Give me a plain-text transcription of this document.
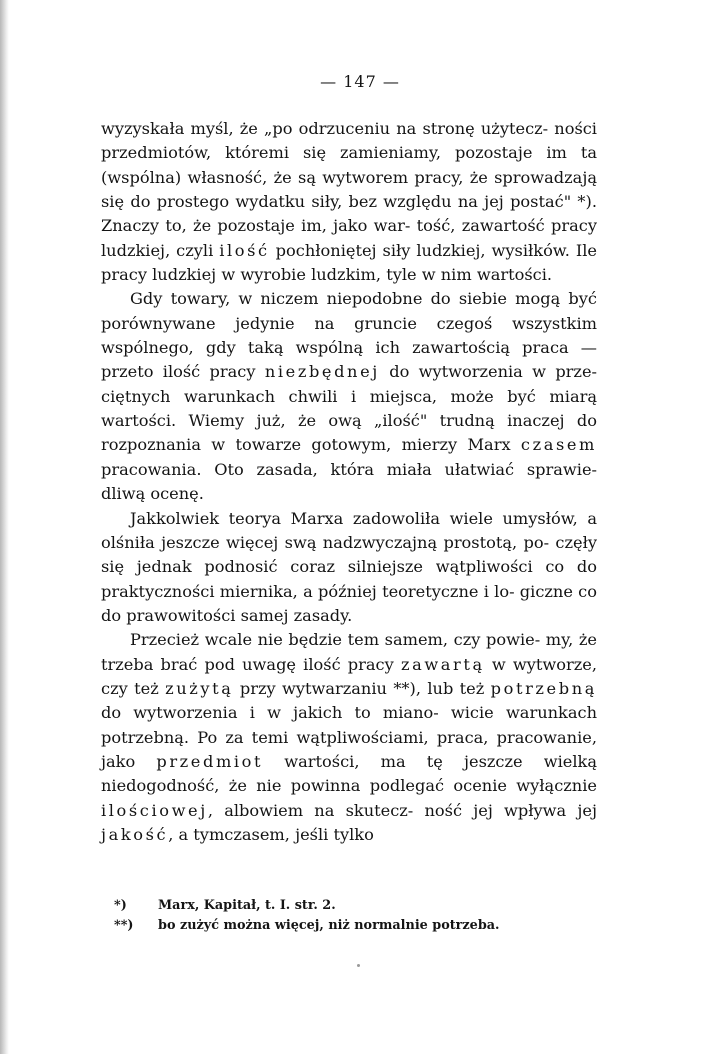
— 147 —

wyzyskała myśl, że „po odrzuceniu na stronę użytecz- ności przedmiotów, któremi się zamieniamy, pozostaje im ta (wspólna) własność, że są wytworem pracy, że sprowadzają się do prostego wydatku siły, bez względu na jej postać" *). Znaczy to, że pozostaje im, jako war- tość, zawartość pracy ludzkiej, czyli ilość pochłoniętej siły ludzkiej, wysiłków. Ile pracy ludzkiej w wyrobie ludzkim, tyle w nim wartości.

Gdy towary, w niczem niepodobne do siebie mogą być porównywane jedynie na gruncie czegoś wszystkim wspólnego, gdy taką wspólną ich zawartością praca — przeto ilość pracy niezbędnej do wytworzenia w prze- ciętnych warunkach chwili i miejsca, może być miarą wartości. Wiemy już, że ową „ilość" trudną inaczej do rozpoznania w towarze gotowym, mierzy Marx czasem pracowania. Oto zasada, która miała ułatwiać sprawie- dliwą ocenę.

Jakkolwiek teorya Marxa zadowoliła wiele umysłów, a olśniła jeszcze więcej swą nadzwyczajną prostotą, po- częły się jednak podnosić coraz silniejsze wątpliwości co do praktyczności miernika, a później teoretyczne i lo- giczne co do prawowitości samej zasady.

Przecież wcale nie będzie tem samem, czy powie- my, że trzeba brać pod uwagę ilość pracy zawartą w wytworze, czy też zużytą przy wytwarzaniu **), lub też potrzebną do wytworzenia i w jakich to miano- wicie warunkach potrzebną. Po za temi wątpliwościami, praca, pracowanie, jako przedmiot wartości, ma tę jeszcze wielką niedogodność, że nie powinna podlegać ocenie wyłącznie ilościowej, albowiem na skutecz- ność jej wpływa jej jakość, a tymczasem, jeśli tylko

*)	Marx, Kapitał, t. I. str. 2.
**)	bo zużyć można więcej, niż normalnie potrzeba.
